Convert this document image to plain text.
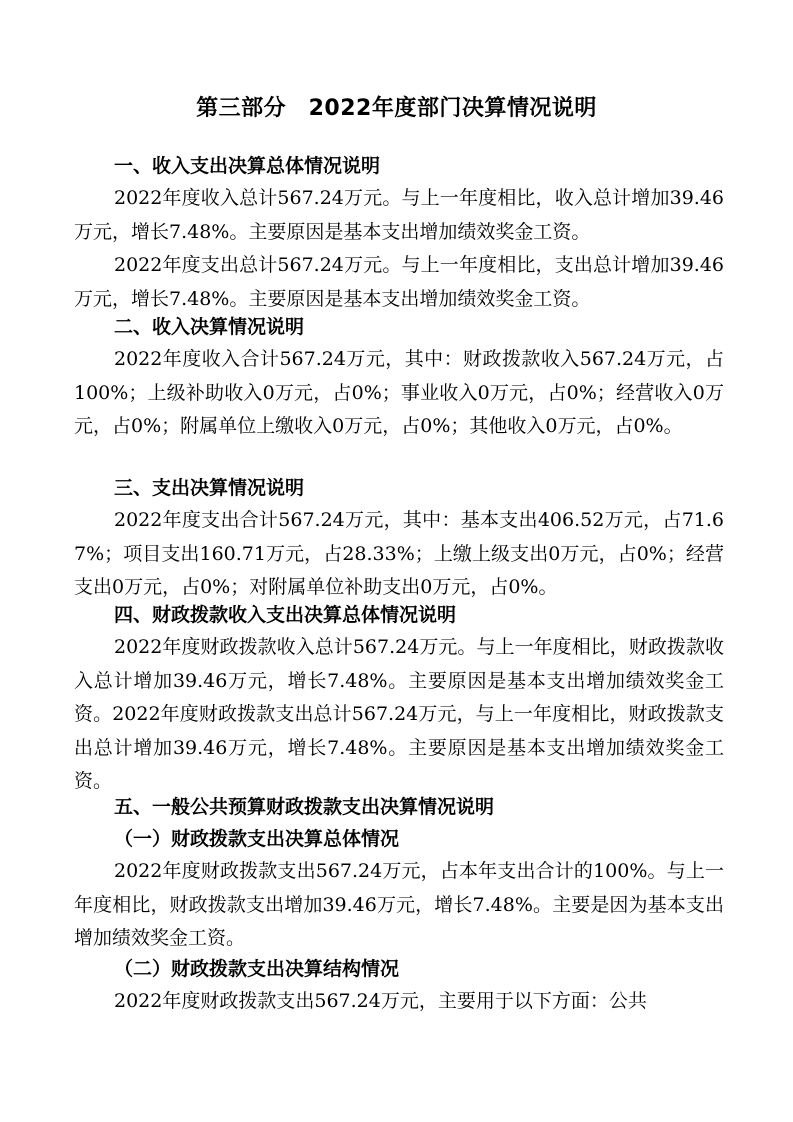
第三部分　2022年度部门决算情况说明
一、收入支出决算总体情况说明
2022年度收入总计567.24万元。与上一年度相比，收入总计增加39.46万元，增长7.48%。主要原因是基本支出增加绩效奖金工资。
2022年度支出总计567.24万元。与上一年度相比，支出总计增加39.46万元，增长7.48%。主要原因是基本支出增加绩效奖金工资。
二、收入决算情况说明
2022年度收入合计567.24万元，其中：财政拨款收入567.24万元，占100%；上级补助收入0万元，占0%；事业收入0万元，占0%；经营收入0万元，占0%；附属单位上缴收入0万元，占0%；其他收入0万元，占0%。
三、支出决算情况说明
2022年度支出合计567.24万元，其中：基本支出406.52万元，占71.67%；项目支出160.71万元，占28.33%；上缴上级支出0万元，占0%；经营支出0万元，占0%；对附属单位补助支出0万元，占0%。
四、财政拨款收入支出决算总体情况说明
2022年度财政拨款收入总计567.24万元。与上一年度相比，财政拨款收入总计增加39.46万元，增长7.48%。主要原因是基本支出增加绩效奖金工资。2022年度财政拨款支出总计567.24万元，与上一年度相比，财政拨款支出总计增加39.46万元，增长7.48%。主要原因是基本支出增加绩效奖金工资。
五、一般公共预算财政拨款支出决算情况说明
（一）财政拨款支出决算总体情况
2022年度财政拨款支出567.24万元，占本年支出合计的100%。与上一年度相比，财政拨款支出增加39.46万元，增长7.48%。主要是因为基本支出增加绩效奖金工资。
（二）财政拨款支出决算结构情况
2022年度财政拨款支出567.24万元，主要用于以下方面：公共
